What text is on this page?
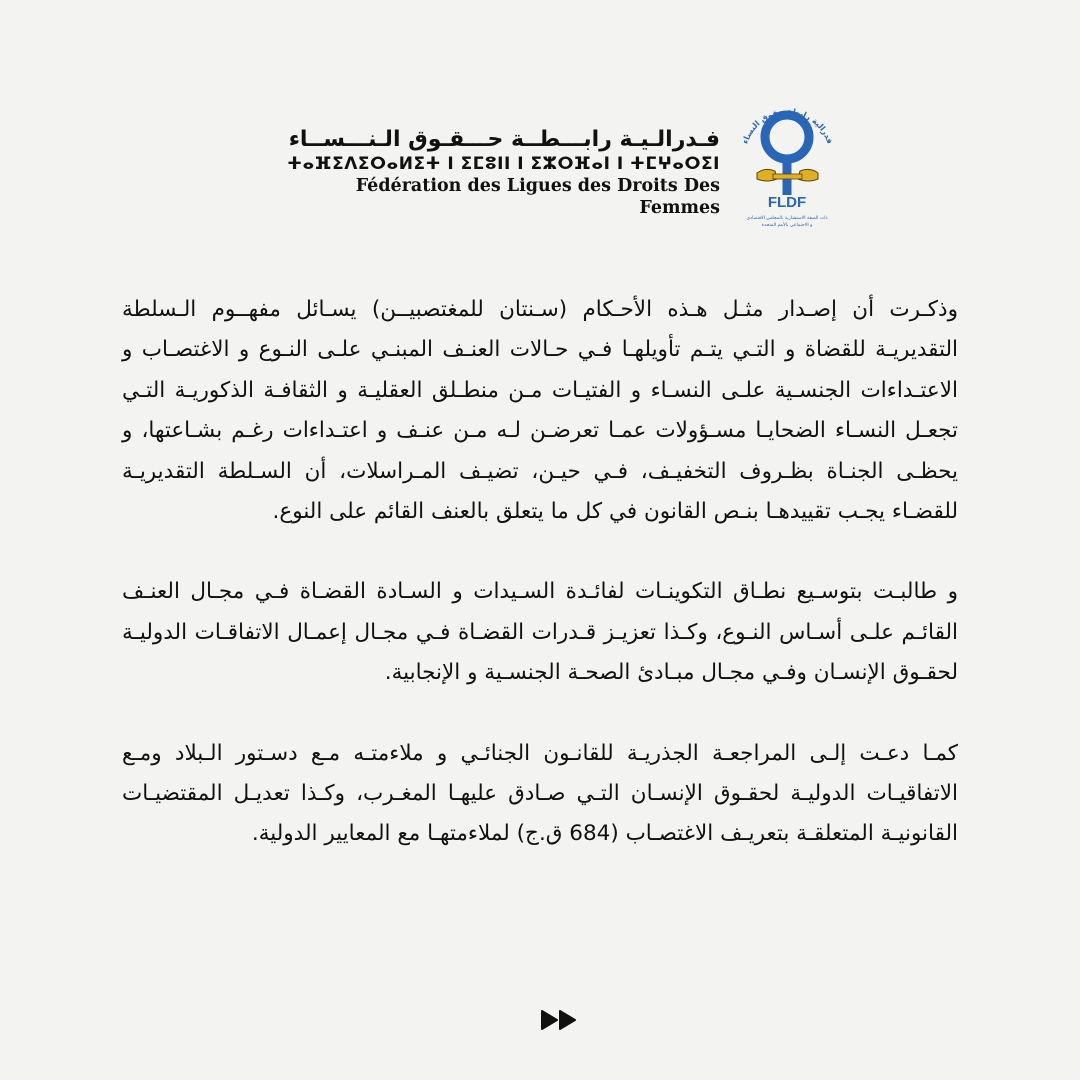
فـدرالـيـة رابـــطــة حـــقـوق الـنـــســاء
ⵜⴰⴼⵉⴷⵉⵔⴰⵍⵉⵜ ⵏ ⵉⵎⵓⵏⵏ ⵏ ⵉⵣⵔⴼⴰⵏ ⵏ ⵜⵎⵖⴰⵔⵉⵏ
Fédération des Ligues des Droits Des Femmes
فدرالية رابطة حقوق النساء
FLDF
ذات الصفة الاستشارية بالمجلس الاقتصادي
و الاجتماعي بالأمم المتحدة

وذكـرت أن إصـدار مثـل هـذه الأحـكام (سـنتان للمغتصبيــن) يسـائل مفهــوم الـسلطة التقديريـة للقضاة و التـي يتـم تأويلهـا فـي حـالات العنـف المبنـي علـى النـوع و الاغتصـاب و الاعتـداءات الجنسـية علـى النسـاء و الفتيـات مـن منطـلق العقليـة و الثقافـة الذكوريـة التـي تجعـل النسـاء الضحايـا مسـؤولات عمـا تعرضـن لـه مـن عنـف و اعتـداءات رغـم بشـاعتها، و يحظـى الجنـاة بظـروف التخفيـف، فـي حيـن، تضيـف المـراسلات، أن السـلطة التقديريـة للقضـاء يجـب تقييدهـا بنـص القانون في كل ما يتعلق بالعنف القائم على النوع.

و طالبـت بتوسـيع نطـاق التكوينـات لفائـدة السـيدات و السـادة القضـاة فـي مجـال العنـف القائـم علـى أسـاس النـوع، وكـذا تعزيـز قـدرات القضـاة فـي مجـال إعمـال الاتفاقـات الدوليـة لحقـوق الإنسـان وفـي مجـال مبـادئ الصحـة الجنسـية و الإنجابية.

كمـا دعـت إلـى المراجعـة الجذريـة للقانـون الجنائـي و ملاءمتـه مـع دسـتور الـبلاد ومـع الاتفاقيـات الدوليـة لحقـوق الإنسـان التـي صـادق عليهـا المغـرب، وكـذا تعديـل المقتضيـات القانونيـة المتعلقـة بتعريـف الاغتصـاب (684 ق.ج) لملاءمتهـا مع المعايير الدولية.
